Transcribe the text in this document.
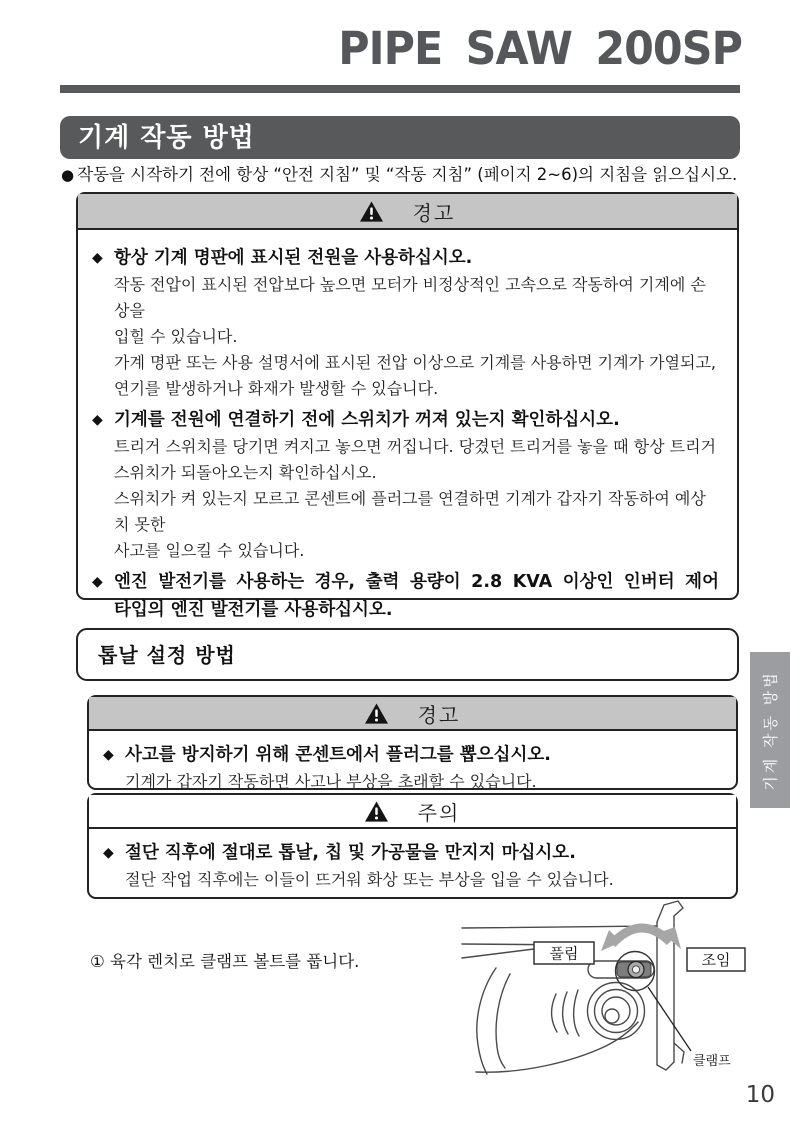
PIPE SAW 200SP
기계 작동 방법
● 작동을 시작하기 전에 항상 “안전 지침” 및 “작동 지침” (페이지 2~6)의 지침을 읽으십시오.
경고
◆ 항상 기계 명판에 표시된 전원을 사용하십시오.
작동 전압이 표시된 전압보다 높으면 모터가 비정상적인 고속으로 작동하여 기계에 손상을
입힐 수 있습니다.
가계 명판 또는 사용 설명서에 표시된 전압 이상으로 기계를 사용하면 기계가 가열되고,
연기를 발생하거나 화재가 발생할 수 있습니다.
◆ 기계를 전원에 연결하기 전에 스위치가 꺼져 있는지 확인하십시오.
트리거 스위치를 당기면 켜지고 놓으면 꺼집니다. 당겼던 트리거를 놓을 때 항상 트리거
스위치가 되돌아오는지 확인하십시오.
스위치가 켜 있는지 모르고 콘센트에 플러그를 연결하면 기계가 갑자기 작동하여 예상치 못한
사고를 일으킬 수 있습니다.
◆ 엔진 발전기를 사용하는 경우, 출력 용량이 2.8 KVA 이상인 인버터 제어
타입의 엔진 발전기를 사용하십시오.
톱날 설정 방법
경고
◆ 사고를 방지하기 위해 콘센트에서 플러그를 뽑으십시오.
기계가 갑자기 작동하면 사고나 부상을 초래할 수 있습니다.
주의
◆ 절단 직후에 절대로 톱날, 칩 및 가공물을 만지지 마십시오.
절단 작업 직후에는 이들이 뜨거워 화상 또는 부상을 입을 수 있습니다.
① 육각 렌치로 클램프 볼트를 풉니다.	풀림	조임
클램프
기계 작동 방법
10
